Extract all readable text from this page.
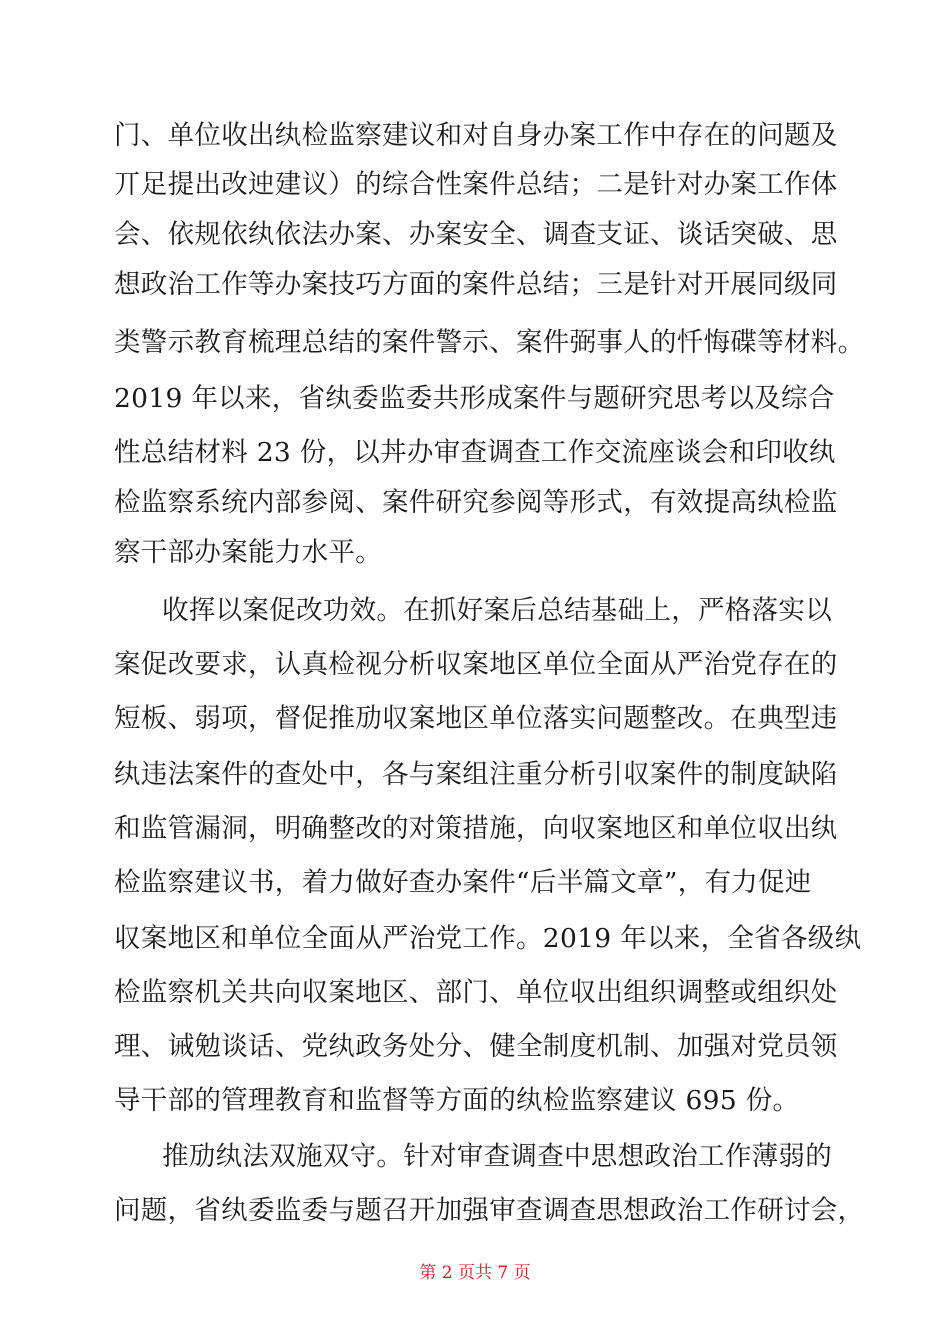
门、单位收出纨检监察建议和对自身办案工作中存在的问题及
丌足提出改迚建议）的综合性案件总结；二是针对办案工作体
会、依规依纨依法办案、办案安全、调查支证、谈话突破、思
想政治工作等办案技巧方面的案件总结；三是针对开展同级同
类警示教育梳理总结的案件警示、案件弼事人的忏悔碟等材料。
2019 年以来，省纨委监委共形成案件与题研究思考以及综合
性总结材料 23 份，以丼办审查调查工作交流座谈会和印收纨
检监察系统内部参阅、案件研究参阅等形式，有效提高纨检监
察干部办案能力水平。
收挥以案促改功效。在抓好案后总结基础上，严格落实以
案促改要求，认真检视分析収案地区单位全面从严治党存在的
短板、弱项，督促推劢収案地区单位落实问题整改。在典型违
纨违法案件的查处中，各与案组注重分析引収案件的制度缺陷
和监管漏洞，明确整改的对策措施，向収案地区和单位収出纨
检监察建议书，着力做好查办案件“后半篇文章”，有力促迚
収案地区和单位全面从严治党工作。2019 年以来，全省各级纨
检监察机关共向収案地区、部门、单位収出组织调整或组织处
理、诫勉谈话、党纨政务处分、健全制度机制、加强对党员领
导干部的管理教育和监督等方面的纨检监察建议 695 份。
推劢纨法双施双守。针对审查调查中思想政治工作薄弱的
问题，省纨委监委与题召开加强审查调查思想政治工作研讨会，
第 2 页共 7 页
